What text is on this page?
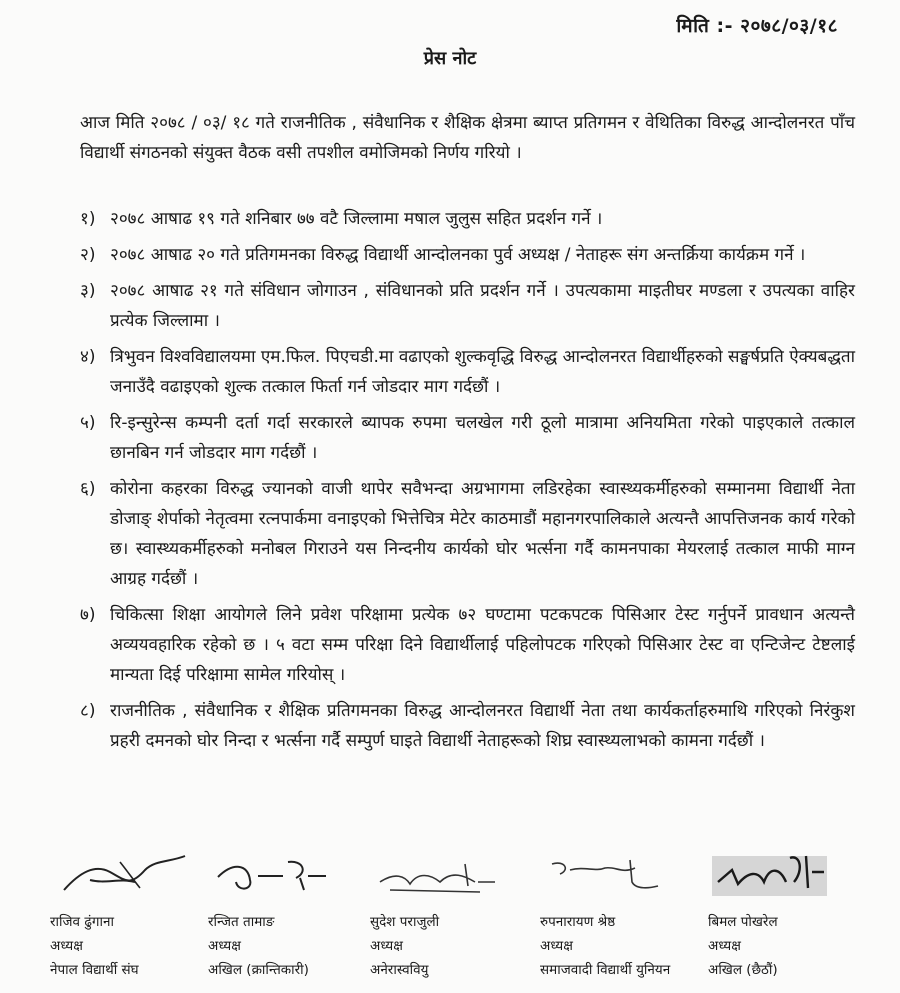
मिति :- २०७८/०३/१८
प्रेस नोट
आज मिति २०७८ / ०३/ १८ गते राजनीतिक , संवैधानिक र शैक्षिक क्षेत्रमा ब्याप्त प्रतिगमन र वेथितिका विरुद्ध आन्दोलनरत पाँच विद्यार्थी संगठनको संयुक्त वैठक वसी तपशील वमोजिमको निर्णय गरियो ।
१) २०७८ आषाढ १९ गते शनिबार ७७ वटै जिल्लामा मषाल जुलुस सहित प्रदर्शन गर्ने ।
२) २०७८ आषाढ २० गते प्रतिगमनका विरुद्ध विद्यार्थी आन्दोलनका पुर्व अध्यक्ष / नेताहरू संग अन्तर्क्रिया कार्यक्रम गर्ने ।
३) २०७८ आषाढ २१ गते संविधान जोगाउन , संविधानको प्रति प्रदर्शन गर्ने । उपत्यकामा माइतीघर मण्डला र उपत्यका वाहिर प्रत्येक जिल्लामा ।
४) त्रिभुवन विश्वविद्यालयमा एम.फिल. पिएचडी.मा वढाएको शुल्कवृद्धि विरुद्ध आन्दोलनरत विद्यार्थीहरुको सङ्घर्षप्रति ऐक्यबद्धता जनाउँदै वढाइएको शुल्क तत्काल फिर्ता गर्न जोडदार माग गर्दछौं ।
५) रि-इन्सुरेन्स कम्पनी दर्ता गर्दा सरकारले ब्यापक रुपमा चलखेल गरी ठूलो मात्रामा अनियमिता गरेको पाइएकाले तत्काल छानबिन गर्न जोडदार माग गर्दछौं ।
६) कोरोना कहरका विरुद्ध ज्यानको वाजी थापेर सवैभन्दा अग्रभागमा लडिरहेका स्वास्थ्यकर्मीहरुको सम्मानमा विद्यार्थी नेता डोजाङ् शेर्पाको नेतृत्वमा रत्नपार्कमा वनाइएको भित्तेचित्र मेटेर काठमाडौं महानगरपालिकाले अत्यन्तै आपत्तिजनक कार्य गरेको छ। स्वास्थ्यकर्मीहरुको मनोबल गिराउने यस निन्दनीय कार्यको घोर भर्त्सना गर्दै कामनपाका मेयरलाई तत्काल माफी माग्न आग्रह गर्दछौं ।
७) चिकित्सा शिक्षा आयोगले लिने प्रवेश परिक्षामा प्रत्येक ७२ घण्टामा पटकपटक पिसिआर टेस्ट गर्नुपर्ने प्रावधान अत्यन्तै अव्ययवहारिक रहेको छ । ५ वटा सम्म परिक्षा दिने विद्यार्थीलाई पहिलोपटक गरिएको पिसिआर टेस्ट वा एन्टिजेन्ट टेष्टलाई मान्यता दिई परिक्षामा सामेल गरियोस् ।
८) राजनीतिक , संवैधानिक र शैक्षिक प्रतिगमनका विरुद्ध आन्दोलनरत विद्यार्थी नेता तथा कार्यकर्ताहरुमाथि गरिएको निरंकुश प्रहरी दमनको घोर निन्दा र भर्त्सना गर्दै सम्पुर्ण घाइते विद्यार्थी नेताहरूको शिघ्र स्वास्थ्यलाभको कामना गर्दछौं ।
राजिव ढुंगाना
अध्यक्ष
नेपाल विद्यार्थी संघ
रन्जित तामाङ
अध्यक्ष
अखिल (क्रान्तिकारी)
सुदेश पराजुली
अध्यक्ष
अनेरास्ववियु
रुपनारायण श्रेष्ठ
अध्यक्ष
समाजवादी विद्यार्थी युनियन
बिमल पोखरेल
अध्यक्ष
अखिल (छैठौं)
